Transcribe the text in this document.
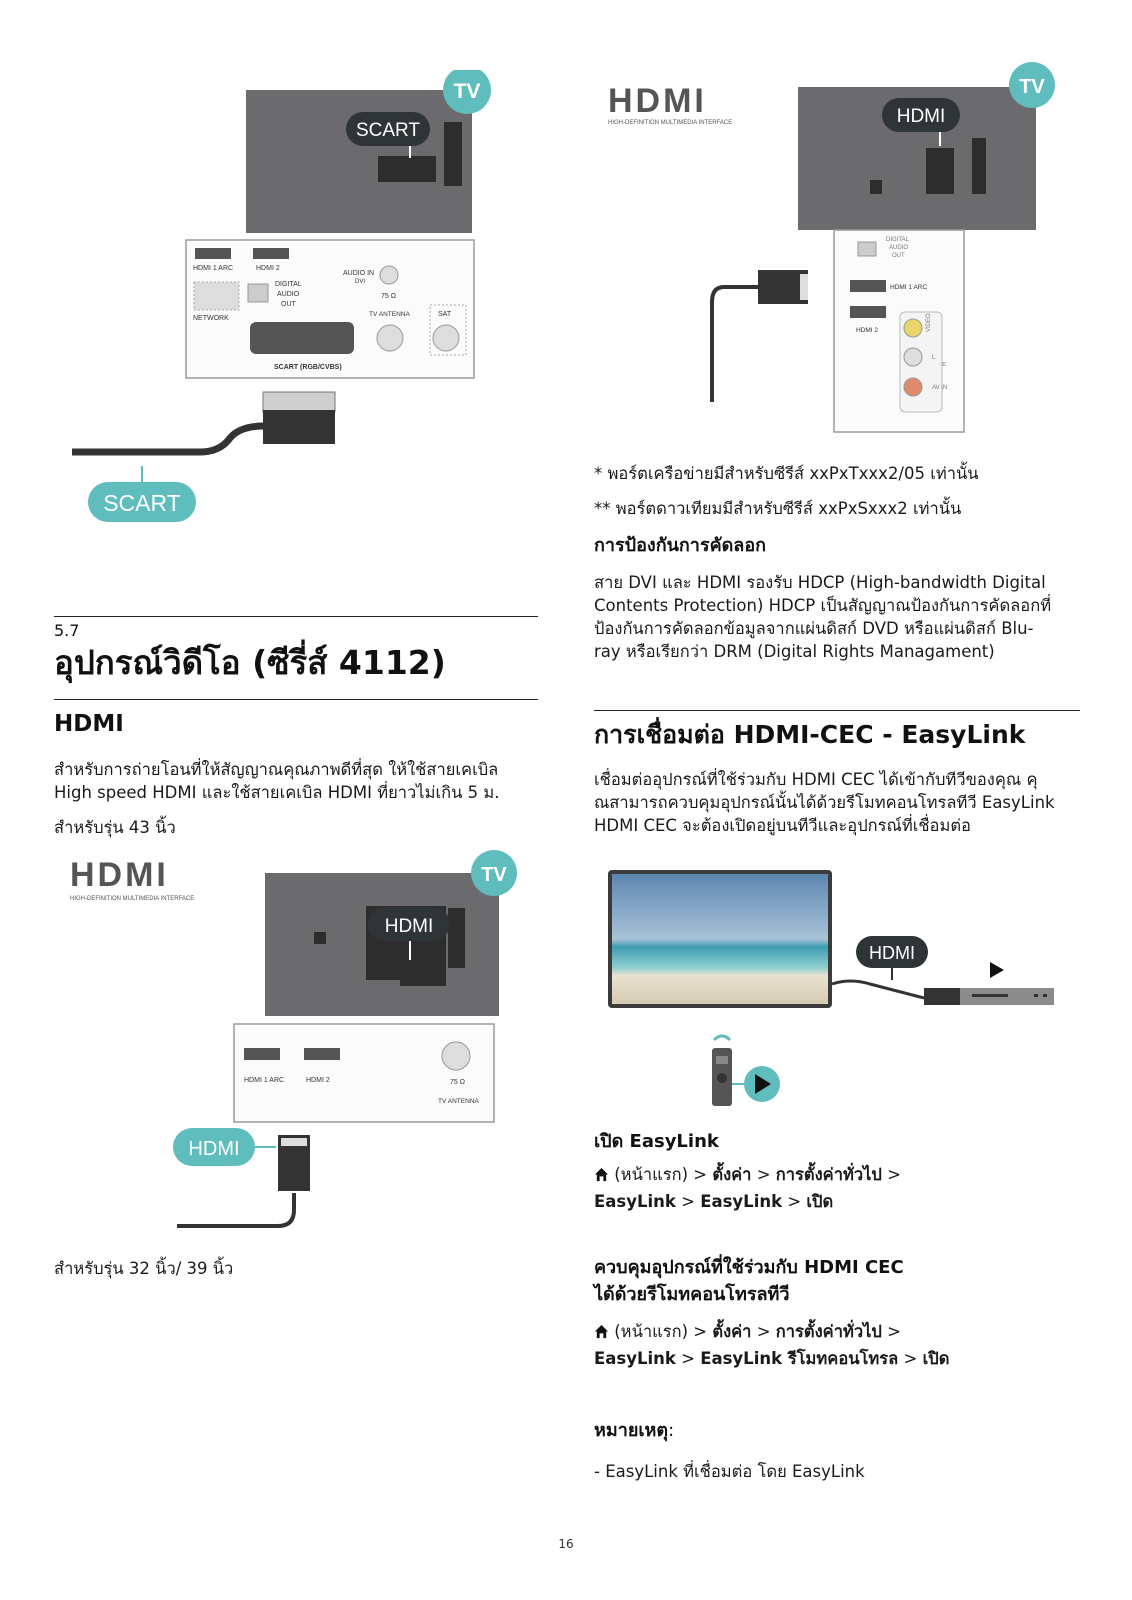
TV
SCART
HDMI 1 ARC	HDMI 2
AUDIO IN
DVI
DIGITAL
AUDIO
OUT
NETWORK
75 Ω
TV ANTENNA	SAT
SCART (RGB/CVBS)
SCART
5.7
อุปกรณ์วิดีโอ (ซีรี่ส์ 4112)
HDMI
สำหรับการถ่ายโอนที่ให้สัญญาณคุณภาพดีที่สุด ให้ใช้สายเคเบิล
High speed HDMI และใช้สายเคเบิล HDMI ที่ยาวไม่เกิน 5 ม.
สำหรับรุ่น 43 นิ้ว
HDMI
HIGH-DEFINITION MULTIMEDIA INTERFACE
TV
HDMI
HDMI 1 ARC	HDMI 2	75 Ω
TV ANTENNA
HDMI
สำหรับรุ่น 32 นิ้ว/ 39 นิ้ว
HDMI
HIGH-DEFINITION MULTIMEDIA INTERFACE
TV
HDMI
DIGITAL
AUDIO
OUT
HDMI 1 ARC
HDMI 2	VIDEO
L
AV IN
R
* พอร์ตเครือข่ายมีสำหรับซีรีส์ xxPxTxxx2/05 เท่านั้น
** พอร์ตดาวเทียมมีสำหรับซีรีส์ xxPxSxxx2 เท่านั้น
การป้องกันการคัดลอก
สาย DVI และ HDMI รองรับ HDCP (High-bandwidth Digital
Contents Protection) HDCP เป็นสัญญาณป้องกันการคัดลอกที่
ป้องกันการคัดลอกข้อมูลจากแผ่นดิสก์ DVD หรือแผ่นดิสก์ Blu-
ray หรือเรียกว่า DRM (Digital Rights Managament)
การเชื่อมต่อ HDMI-CEC - EasyLink
เชื่อมต่ออุปกรณ์ที่ใช้ร่วมกับ HDMI CEC ได้เข้ากับทีวีของคุณ คุ
ณสามารถควบคุมอุปกรณ์นั้นได้ด้วยรีโมทคอนโทรลทีวี EasyLink
HDMI CEC จะต้องเปิดอยู่บนทีวีและอุปกรณ์ที่เชื่อมต่อ
HDMI
เปิด EasyLink
(หน้าแรก) > ตั้งค่า > การตั้งค่าทั่วไป >
EasyLink > EasyLink > เปิด
ควบคุมอุปกรณ์ที่ใช้ร่วมกับ HDMI CEC
ได้ด้วยรีโมทคอนโทรลทีวี
(หน้าแรก) > ตั้งค่า > การตั้งค่าทั่วไป >
EasyLink > EasyLink รีโมทคอนโทรล > เปิด
หมายเหตุ:
- EasyLink ที่เชื่อมต่อ โดย EasyLink
16
